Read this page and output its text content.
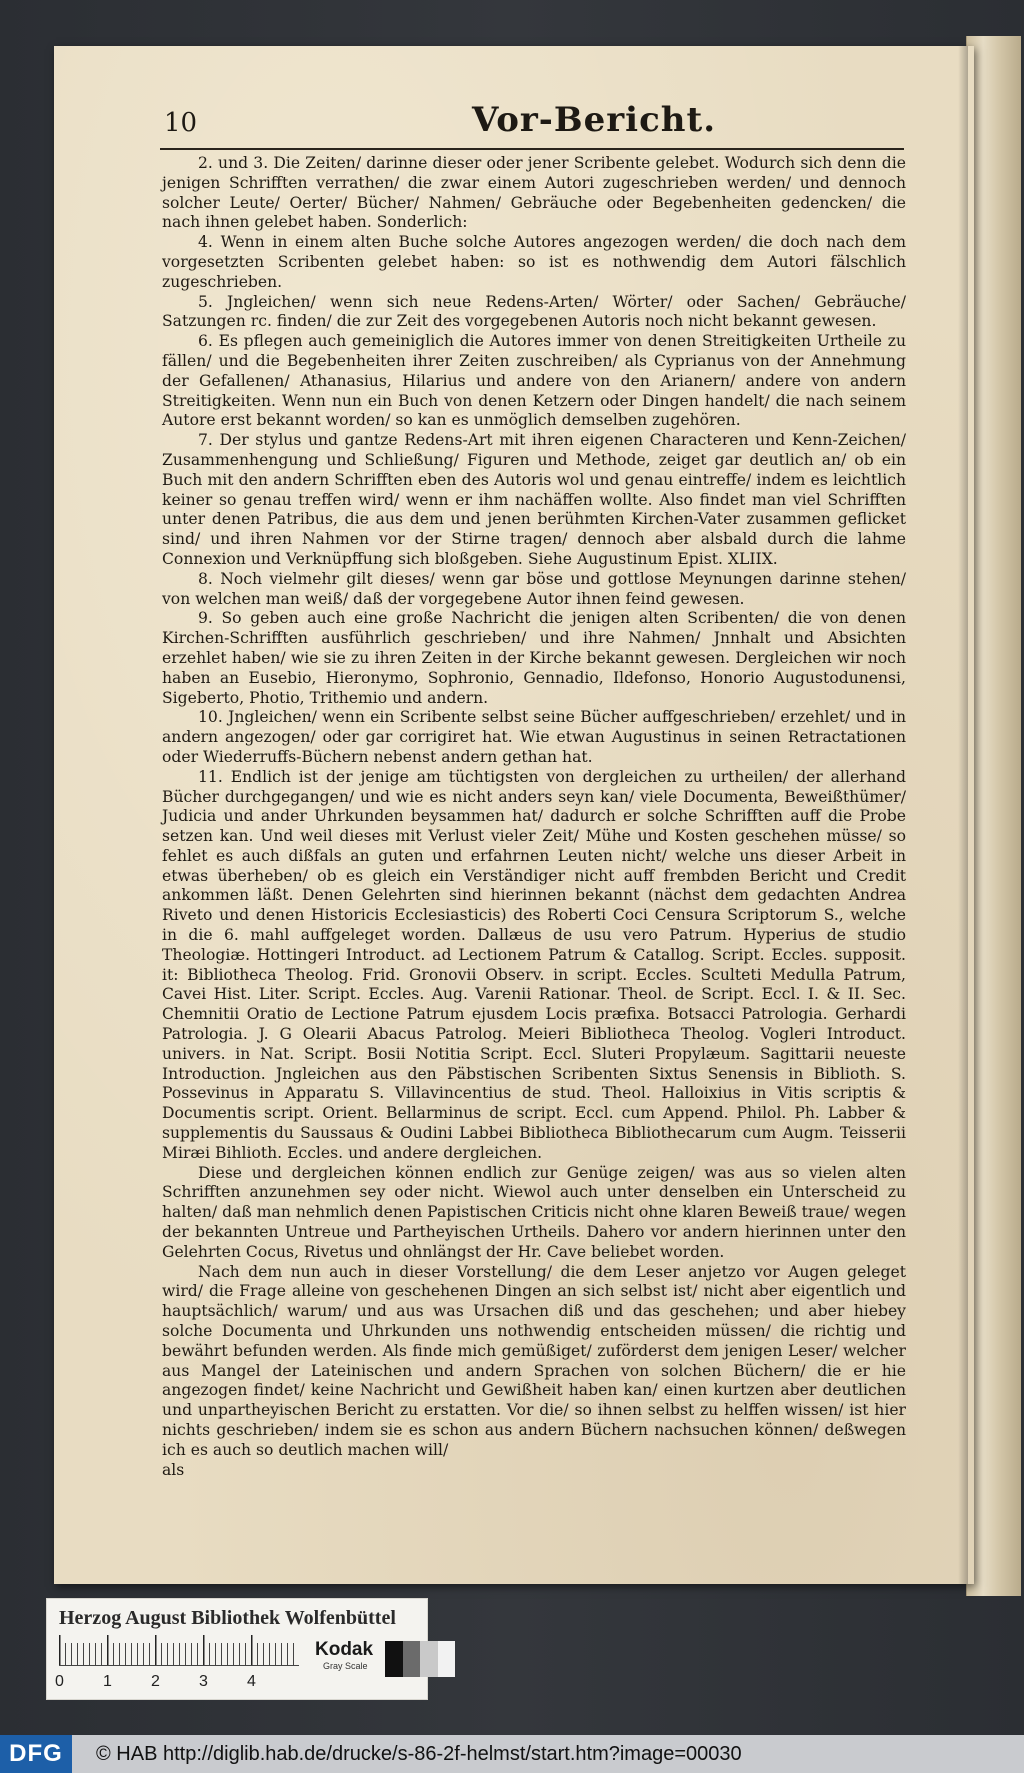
10	Vor-Bericht.

2. und 3. Die Zeiten/ darinne dieser oder jener Scribente gelebet. Wodurch sich denn die jenigen Schrifften verrathen/ die zwar einem Autori zugeschrieben werden/ und dennoch solcher Leute/ Oerter/ Bücher/ Nahmen/ Gebräuche oder Begebenheiten gedencken/ die nach ihnen gelebet haben. Sonderlich:

4. Wenn in einem alten Buche solche Autores angezogen werden/ die doch nach dem vorgesetzten Scribenten gelebet haben: so ist es nothwendig dem Autori fälschlich zugeschrieben.

5. Jngleichen/ wenn sich neue Redens-Arten/ Wörter/ oder Sachen/ Gebräuche/ Satzungen rc. finden/ die zur Zeit des vorgegebenen Autoris noch nicht bekannt gewesen.

6. Es pflegen auch gemeiniglich die Autores immer von denen Streitigkeiten Urtheile zu fällen/ und die Begebenheiten ihrer Zeiten zuschreiben/ als Cyprianus von der Annehmung der Gefallenen/ Athanasius, Hilarius und andere von den Arianern/ andere von andern Streitigkeiten. Wenn nun ein Buch von denen Ketzern oder Dingen handelt/ die nach seinem Autore erst bekannt worden/ so kan es unmöglich demselben zugehören.

7. Der stylus und gantze Redens-Art mit ihren eigenen Characteren und Kenn-Zeichen/ Zusammenhengung und Schließung/ Figuren und Methode, zeiget gar deutlich an/ ob ein Buch mit den andern Schrifften eben des Autoris wol und genau eintreffe/ indem es leichtlich keiner so genau treffen wird/ wenn er ihm nachäffen wollte. Also findet man viel Schrifften unter denen Patribus, die aus dem und jenen berühmten Kirchen-Vater zusammen geflicket sind/ und ihren Nahmen vor der Stirne tragen/ dennoch aber alsbald durch die lahme Connexion und Verknüpffung sich bloßgeben. Siehe Augustinum Epist. XLIIX.

8. Noch vielmehr gilt dieses/ wenn gar böse und gottlose Meynungen darinne stehen/ von welchen man weiß/ daß der vorgegebene Autor ihnen feind gewesen.

9. So geben auch eine große Nachricht die jenigen alten Scribenten/ die von denen Kirchen-Schrifften ausführlich geschrieben/ und ihre Nahmen/ Jnnhalt und Absichten erzehlet haben/ wie sie zu ihren Zeiten in der Kirche bekannt gewesen. Dergleichen wir noch haben an Eusebio, Hieronymo, Sophronio, Gennadio, Ildefonso, Honorio Augustodunensi, Sigeberto, Photio, Trithemio und andern.

10. Jngleichen/ wenn ein Scribente selbst seine Bücher auffgeschrieben/ erzehlet/ und in andern angezogen/ oder gar corrigiret hat. Wie etwan Augustinus in seinen Retractationen oder Wiederruffs-Büchern nebenst andern gethan hat.

11. Endlich ist der jenige am tüchtigsten von dergleichen zu urtheilen/ der allerhand Bücher durchgegangen/ und wie es nicht anders seyn kan/ viele Documenta, Beweißthümer/ Judicia und ander Uhrkunden beysammen hat/ dadurch er solche Schrifften auff die Probe setzen kan. Und weil dieses mit Verlust vieler Zeit/ Mühe und Kosten geschehen müsse/ so fehlet es auch dißfals an guten und erfahrnen Leuten nicht/ welche uns dieser Arbeit in etwas überheben/ ob es gleich ein Verständiger nicht auff frembden Bericht und Credit ankommen läßt. Denen Gelehrten sind hierinnen bekannt (nächst dem gedachten Andrea Riveto und denen Historicis Ecclesiasticis) des Roberti Coci Censura Scriptorum S., welche in die 6. mahl auffgeleget worden. Dallæus de usu vero Patrum. Hyperius de studio Theologiæ. Hottingeri Introduct. ad Lectionem Patrum & Catallog. Script. Eccles. supposit. it: Bibliotheca Theolog. Frid. Gronovii Observ. in script. Eccles. Sculteti Medulla Patrum, Cavei Hist. Liter. Script. Eccles. Aug. Varenii Rationar. Theol. de Script. Eccl. I. & II. Sec. Chemnitii Oratio de Lectione Patrum ejusdem Locis præfixa. Botsacci Patrologia. Gerhardi Patrologia. J. G Olearii Abacus Patrolog. Meieri Bibliotheca Theolog. Vogleri Introduct. univers. in Nat. Script. Bosii Notitia Script. Eccl. Sluteri Propylæum. Sagittarii neueste Introduction. Jngleichen aus den Päbstischen Scribenten Sixtus Senensis in Biblioth. S. Possevinus in Apparatu S. Villavincentius de stud. Theol. Halloixius in Vitis scriptis & Documentis script. Orient. Bellarminus de script. Eccl. cum Append. Philol. Ph. Labber & supplementis du Saussaus & Oudini Labbei Bibliotheca Bibliothecarum cum Augm. Teisserii Miræi Bihlioth. Eccles. und andere dergleichen.

Diese und dergleichen können endlich zur Genüge zeigen/ was aus so vielen alten Schrifften anzunehmen sey oder nicht. Wiewol auch unter denselben ein Unterscheid zu halten/ daß man nehmlich denen Papistischen Criticis nicht ohne klaren Beweiß traue/ wegen der bekannten Untreue und Partheyischen Urtheils. Dahero vor andern hierinnen unter den Gelehrten Cocus, Rivetus und ohnlängst der Hr. Cave beliebet worden.

Nach dem nun auch in dieser Vorstellung/ die dem Leser anjetzo vor Augen geleget wird/ die Frage alleine von geschehenen Dingen an sich selbst ist/ nicht aber eigentlich und hauptsächlich/ warum/ und aus was Ursachen diß und das geschehen; und aber hiebey solche Documenta und Uhrkunden uns nothwendig entscheiden müssen/ die richtig und bewährt befunden werden. Als finde mich gemüßiget/ zuförderst dem jenigen Leser/ welcher aus Mangel der Lateinischen und andern Sprachen von solchen Büchern/ die er hie angezogen findet/ keine Nachricht und Gewißheit haben kan/ einen kurtzen aber deutlichen und unpartheyischen Bericht zu erstatten. Vor die/ so ihnen selbst zu helffen wissen/ ist hier nichts geschrieben/ indem sie es schon aus andern Büchern nachsuchen können/ deßwegen ich es auch so deutlich machen will/

als

Herzog August Bibliothek Wolfenbüttel
0 1 2 3 4
Kodak
Gray Scale
DFG	© HAB http://diglib.hab.de/drucke/s-86-2f-helmst/start.htm?image=00030
